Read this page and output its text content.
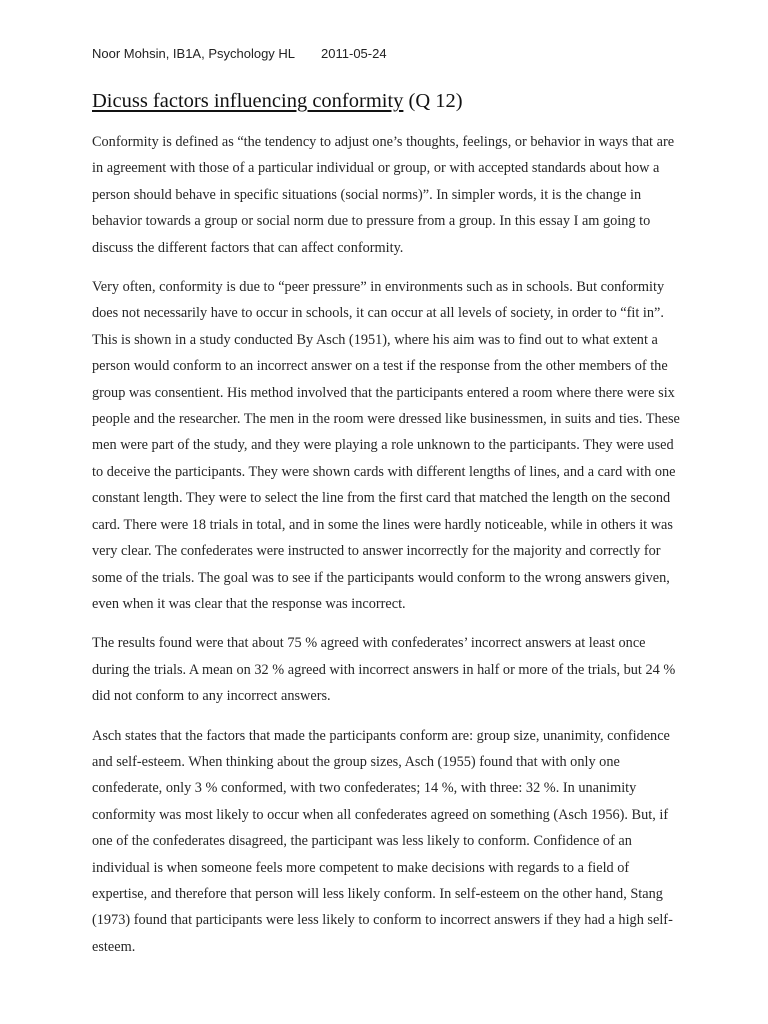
Noor Mohsin, IB1A, Psychology HL 2011-05-24
Dicuss factors influencing conformity (Q 12)

Conformity is defined as “the tendency to adjust one’s thoughts, feelings, or behavior in ways that are in agreement with those of a particular individual or group, or with accepted standards about how a person should behave in specific situations (social norms)”. In simpler words, it is the change in behavior towards a group or social norm due to pressure from a group. In this essay I am going to discuss the different factors that can affect conformity.

Very often, conformity is due to “peer pressure” in environments such as in schools. But conformity does not necessarily have to occur in schools, it can occur at all levels of society, in order to “fit in”. This is shown in a study conducted By Asch (1951), where his aim was to find out to what extent a person would conform to an incorrect answer on a test if the response from the other members of the group was consentient. His method involved that the participants entered a room where there were six people and the researcher. The men in the room were dressed like businessmen, in suits and ties. These men were part of the study, and they were playing a role unknown to the participants. They were used to deceive the participants. They were shown cards with different lengths of lines, and a card with one constant length. They were to select the line from the first card that matched the length on the second card. There were 18 trials in total, and in some the lines were hardly noticeable, while in others it was very clear. The confederates were instructed to answer incorrectly for the majority and correctly for some of the trials. The goal was to see if the participants would conform to the wrong answers given, even when it was clear that the response was incorrect.

The results found were that about 75 % agreed with confederates’ incorrect answers at least once during the trials. A mean on 32 % agreed with incorrect answers in half or more of the trials, but 24 % did not conform to any incorrect answers.

Asch states that the factors that made the participants conform are: group size, unanimity, confidence and self-esteem. When thinking about the group sizes, Asch (1955) found that with only one confederate, only 3 % conformed, with two confederates; 14 %, with three: 32 %. In unanimity conformity was most likely to occur when all confederates agreed on something (Asch 1956). But, if one of the confederates disagreed, the participant was less likely to conform. Confidence of an individual is when someone feels more competent to make decisions with regards to a field of expertise, and therefore that person will less likely conform. In self-esteem on the other hand, Stang (1973) found that participants were less likely to conform to incorrect answers if they had a high self-esteem.
